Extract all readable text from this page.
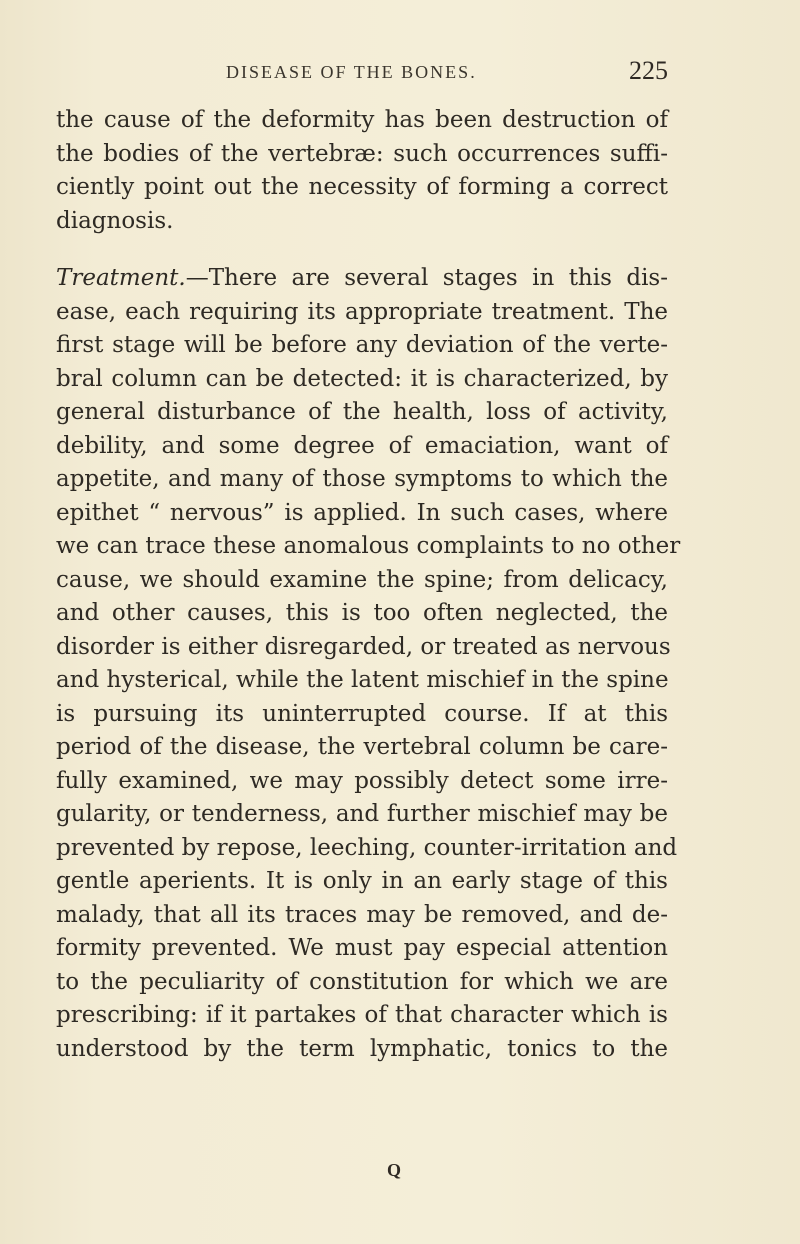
DISEASE OF THE BONES.	225
the cause of the deformity has been destruction of
the bodies of the vertebræ: such occurrences suffi-
ciently point out the necessity of forming a correct
diagnosis.
Treatment.—There are several stages in this dis-
ease, each requiring its appropriate treatment. The
first stage will be before any deviation of the verte-
bral column can be detected: it is characterized, by
general disturbance of the health, loss of activity,
debility, and some degree of emaciation, want of
appetite, and many of those symptoms to which the
epithet “ nervous” is applied. In such cases, where
we can trace these anomalous complaints to no other
cause, we should examine the spine; from delicacy,
and other causes, this is too often neglected, the
disorder is either disregarded, or treated as nervous
and hysterical, while the latent mischief in the spine
is pursuing its uninterrupted course. If at this
period of the disease, the vertebral column be care-
fully examined, we may possibly detect some irre-
gularity, or tenderness, and further mischief may be
prevented by repose, leeching, counter-irritation and
gentle aperients. It is only in an early stage of this
malady, that all its traces may be removed, and de-
formity prevented. We must pay especial attention
to the peculiarity of constitution for which we are
prescribing: if it partakes of that character which is
understood by the term lymphatic, tonics to the
Q
